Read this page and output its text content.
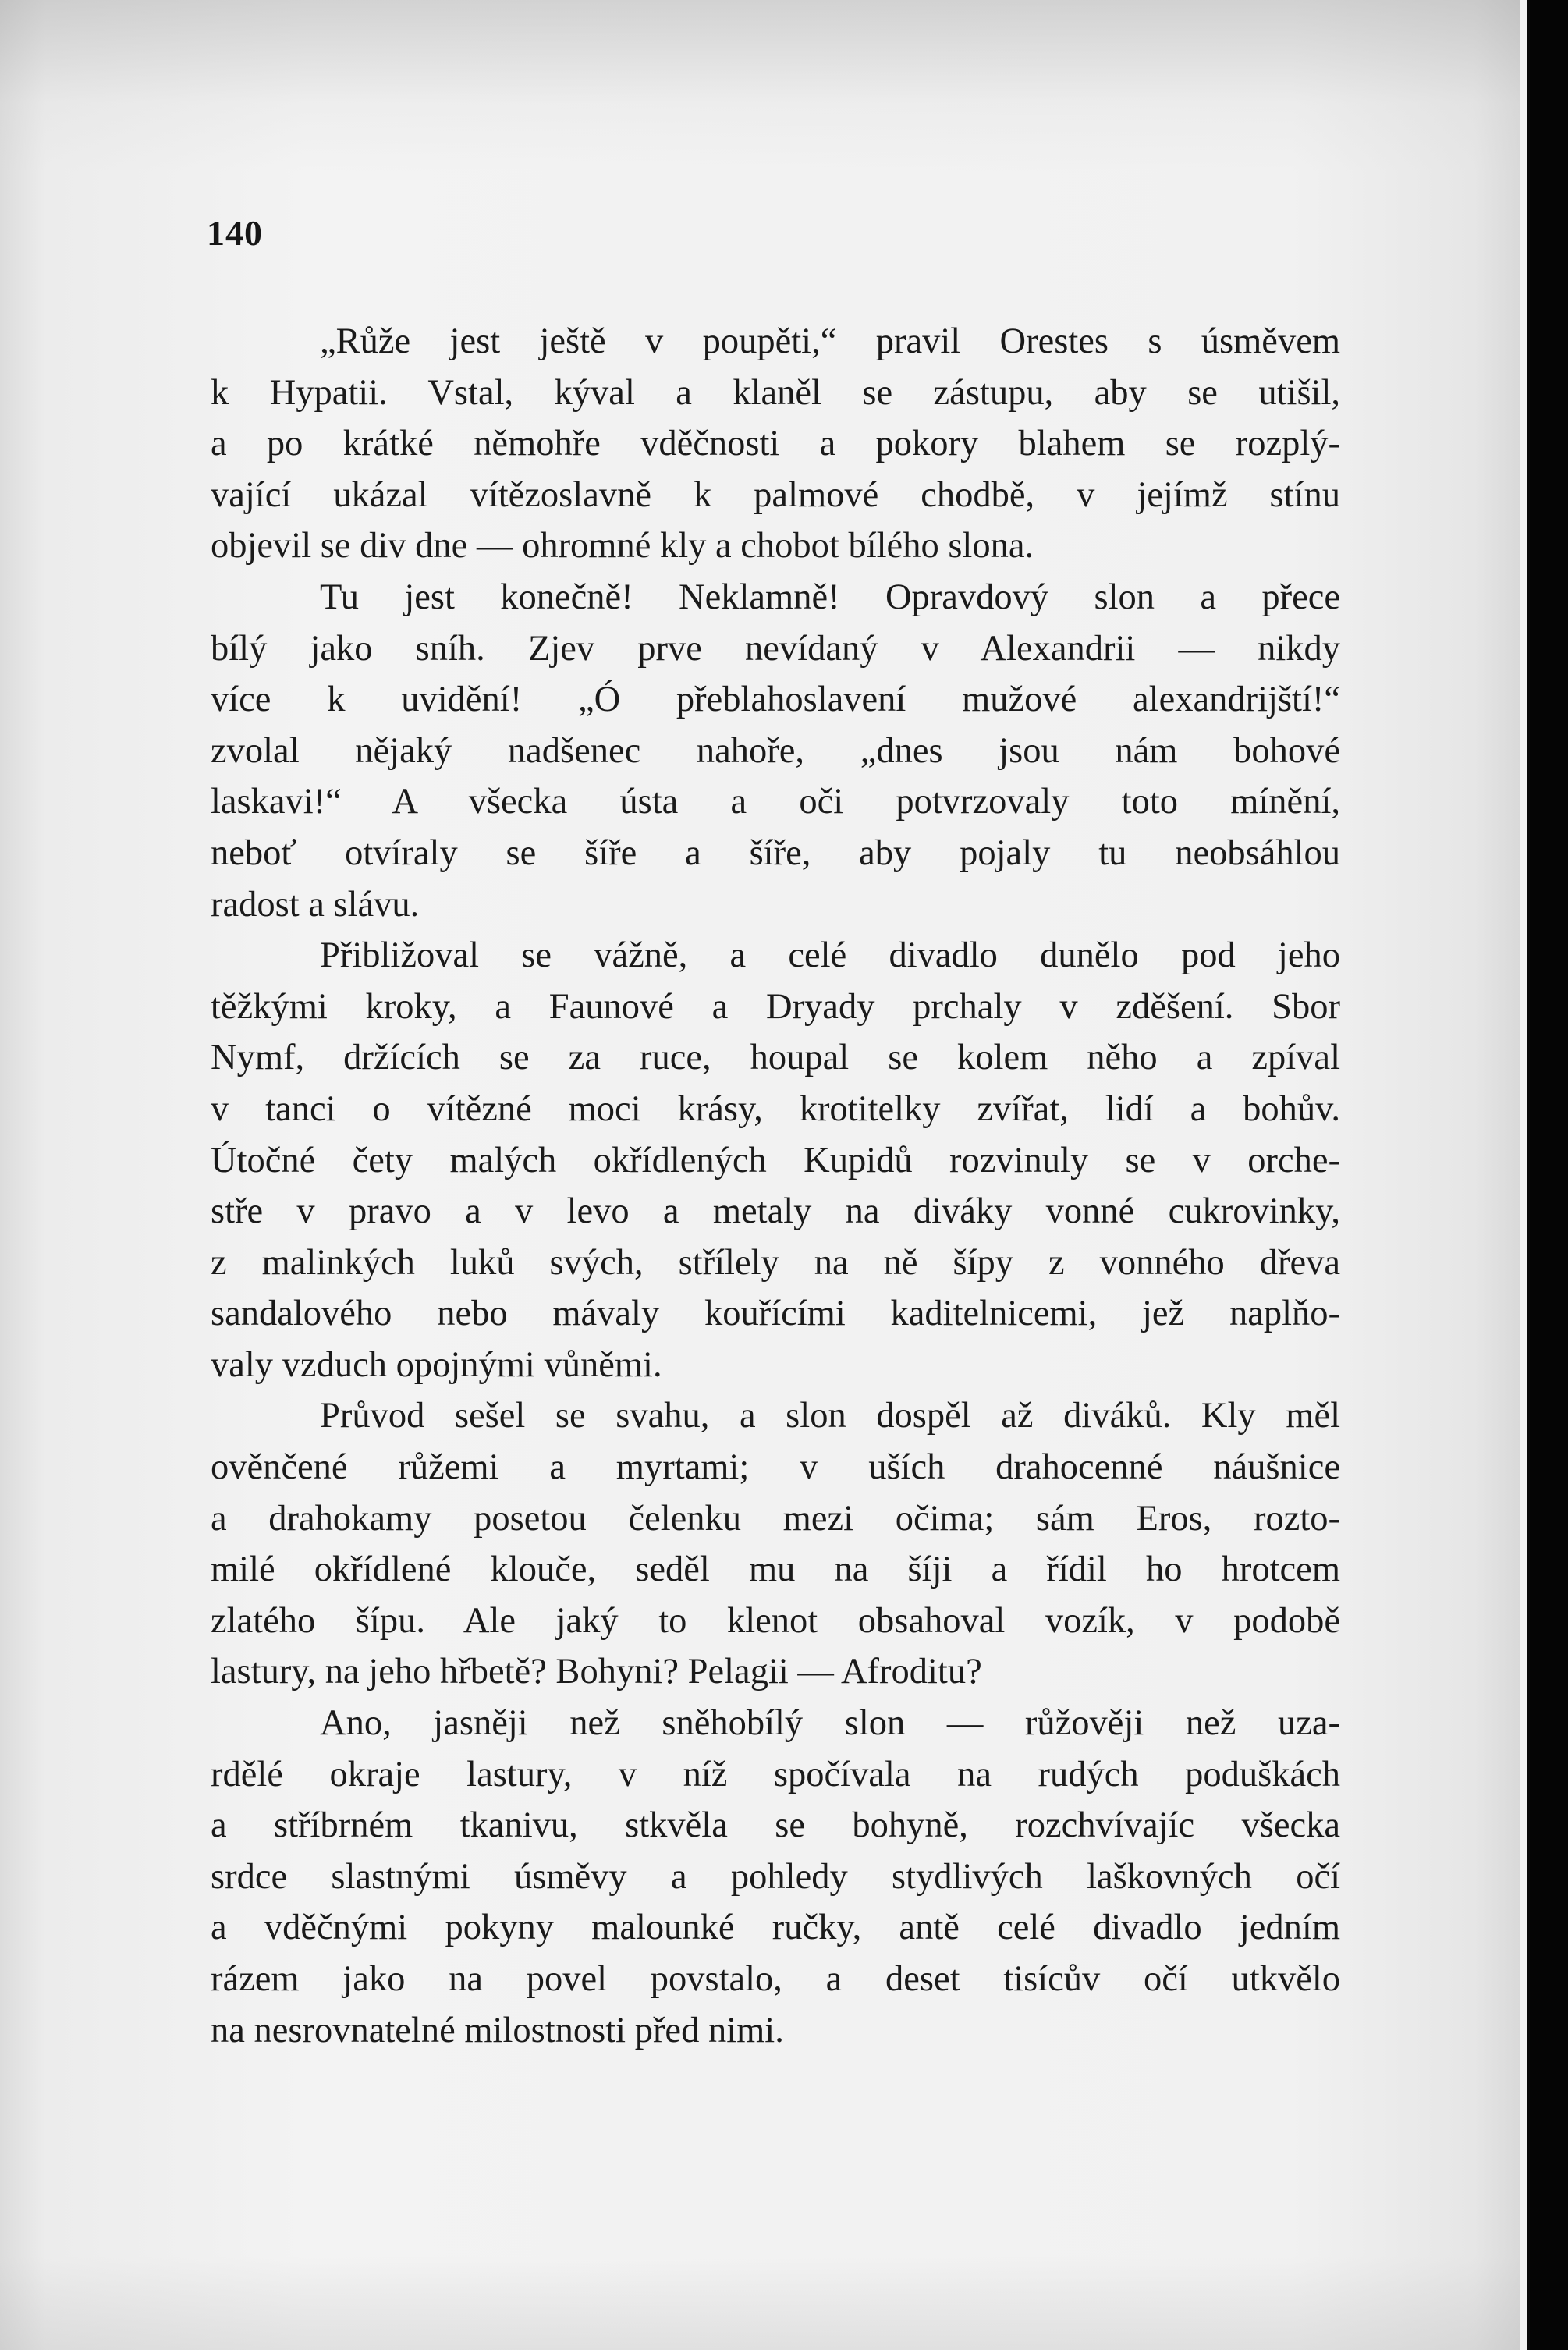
140
„Růže jest ještě v poupěti,“ pravil Orestes s úsměvem
k Hypatii. Vstal, kýval a klaněl se zástupu, aby se utišil,
a po krátké němohře vděčnosti a pokory blahem se rozplý-
vající ukázal vítězoslavně k palmové chodbě, v jejímž stínu
objevil se div dne — ohromné kly a chobot bílého slona.
Tu jest konečně! Neklamně! Opravdový slon a přece
bílý jako sníh. Zjev prve nevídaný v Alexandrii — nikdy
více k uvidění! „Ó přeblahoslavení mužové alexandrijští!“
zvolal nějaký nadšenec nahoře, „dnes jsou nám bohové
laskavi!“ A všecka ústa a oči potvrzovaly toto mínění,
neboť otvíraly se šíře a šíře, aby pojaly tu neobsáhlou
radost a slávu.
Přibližoval se vážně, a celé divadlo dunělo pod jeho
těžkými kroky, a Faunové a Dryady prchaly v zděšení. Sbor
Nymf, držících se za ruce, houpal se kolem něho a zpíval
v tanci o vítězné moci krásy, krotitelky zvířat, lidí a bohův.
Útočné čety malých okřídlených Kupidů rozvinuly se v orche-
stře v pravo a v levo a metaly na diváky vonné cukrovinky,
z malinkých luků svých, střílely na ně šípy z vonného dřeva
sandalového nebo mávaly kouřícími kaditelnicemi, jež naplňo-
valy vzduch opojnými vůněmi.
Průvod sešel se svahu, a slon dospěl až diváků. Kly měl
ověnčené růžemi a myrtami; v uších drahocenné náušnice
a drahokamy posetou čelenku mezi očima; sám Eros, rozto-
milé okřídlené klouče, seděl mu na šíji a řídil ho hrotcem
zlatého šípu. Ale jaký to klenot obsahoval vozík, v podobě
lastury, na jeho hřbetě? Bohyni? Pelagii — Afroditu?
Ano, jasněji než sněhobílý slon — růžověji než uza-
rdělé okraje lastury, v níž spočívala na rudých poduškách
a stříbrném tkanivu, stkvěla se bohyně, rozchvívajíc všecka
srdce slastnými úsměvy a pohledy stydlivých laškovných očí
a vděčnými pokyny malounké ručky, antě celé divadlo jedním
rázem jako na povel povstalo, a deset tisícův očí utkvělo
na nesrovnatelné milostnosti před nimi.
